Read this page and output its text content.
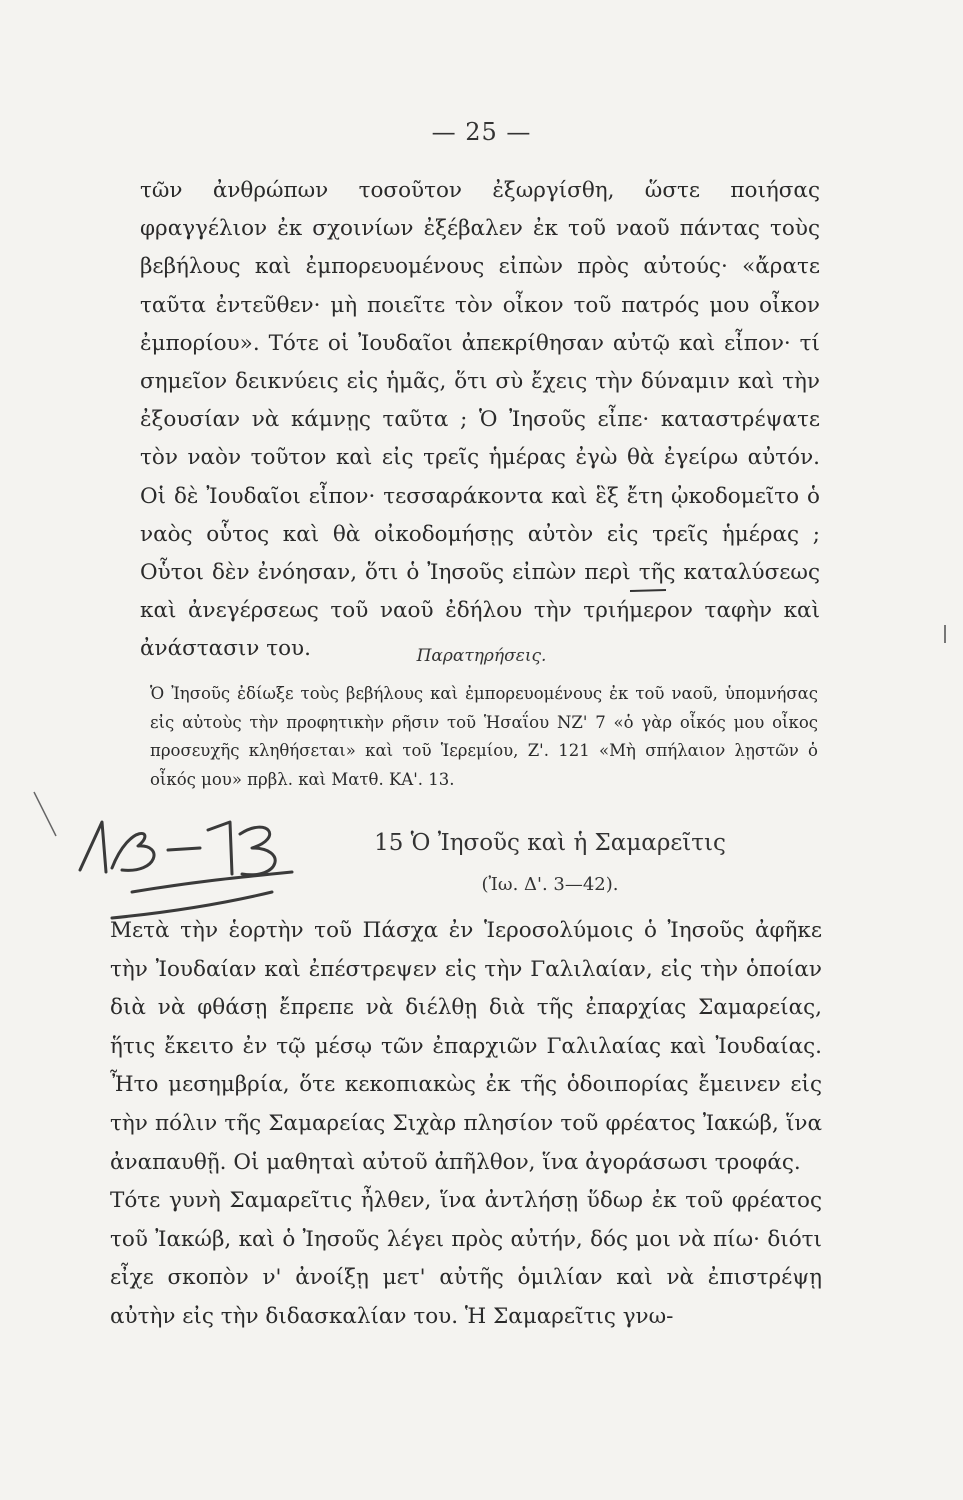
— 25 —

τῶν ἀνθρώπων τοσοῦτον ἐξωργίσθη, ὥστε ποιήσας φραγγέλιον ἐκ σχοινίων ἐξέβαλεν ἐκ τοῦ ναοῦ πάντας τοὺς βεβήλους καὶ ἐμπορευομένους εἰπὼν πρὸς αὐτούς· «ἄρατε ταῦτα ἐντεῦθεν· μὴ ποιεῖτε τὸν οἶκον τοῦ πατρός μου οἶκον ἐμπορίου». Τότε οἱ Ἰουδαῖοι ἀπεκρίθησαν αὐτῷ καὶ εἶπον· τί σημεῖον δεικνύεις εἰς ἡμᾶς, ὅτι σὺ ἔχεις τὴν δύναμιν καὶ τὴν ἐξουσίαν νὰ κάμνῃς ταῦτα ; Ὁ Ἰησοῦς εἶπε· καταστρέψατε τὸν ναὸν τοῦτον καὶ εἰς τρεῖς ἡμέρας ἐγὼ θὰ ἐγείρω αὐτόν. Οἱ δὲ Ἰουδαῖοι εἶπον· τεσσαράκοντα καὶ ἓξ ἔτη ᾠκοδομεῖτο ὁ ναὸς οὗτος καὶ θὰ οἰκοδομήσῃς αὐτὸν εἰς τρεῖς ἡμέρας ; Οὗτοι δὲν ἐνόησαν, ὅτι ὁ Ἰησοῦς εἰπὼν περὶ τῆς καταλύσεως καὶ ἀνεγέρσεως τοῦ ναοῦ ἐδήλου τὴν τριήμερον ταφὴν καὶ ἀνάστασιν του.	Παρατηρήσεις.
Ὁ Ἰησοῦς ἐδίωξε τοὺς βεβήλους καὶ ἐμπορευομένους ἐκ τοῦ ναοῦ, ὑπομνήσας εἰς αὐτοὺς τὴν προφητικὴν ρῆσιν τοῦ Ἡσαΐου ΝΖ' 7 «ὁ γὰρ οἶκός μου οἶκος προσευχῆς κληθήσεται» καὶ τοῦ Ἱερεμίου, Ζ'. 121 «Μὴ σπήλαιον λῃστῶν ὁ οἶκός μου» πρβλ. καὶ Ματθ. ΚΑ'. 13.
15 Ὁ Ἰησοῦς καὶ ἡ Σαμαρεῖτις
(Ἰω. Δ'. 3—42).

Μετὰ τὴν ἑορτὴν τοῦ Πάσχα ἐν Ἱεροσολύμοις ὁ Ἰησοῦς ἀφῆκε τὴν Ἰουδαίαν καὶ ἐπέστρεψεν εἰς τὴν Γαλιλαίαν, εἰς τὴν ὁποίαν διὰ νὰ φθάσῃ ἔπρεπε νὰ διέλθῃ διὰ τῆς ἐπαρχίας Σαμαρείας, ἥτις ἔκειτο ἐν τῷ μέσῳ τῶν ἐπαρχιῶν Γαλιλαίας καὶ Ἰουδαίας. Ἦτο μεσημβρία, ὅτε κεκοπιακὼς ἐκ τῆς ὁδοιπορίας ἔμεινεν εἰς τὴν πόλιν τῆς Σαμαρείας Σιχὰρ πλησίον τοῦ φρέατος Ἰακώβ, ἵνα ἀναπαυθῇ. Οἱ μαθηταὶ αὐτοῦ ἀπῆλθον, ἵνα ἀγοράσωσι τροφάς.

Τότε γυνὴ Σαμαρεῖτις ἦλθεν, ἵνα ἀντλήσῃ ὕδωρ ἐκ τοῦ φρέατος τοῦ Ἰακώβ, καὶ ὁ Ἰησοῦς λέγει πρὸς αὐτήν, δός μοι νὰ πίω· διότι εἶχε σκοπὸν ν' ἀνοίξῃ μετ' αὐτῆς ὁμιλίαν καὶ νὰ ἐπιστρέψῃ αὐτὴν εἰς τὴν διδασκαλίαν του. Ἡ Σαμαρεῖτις γνω-
